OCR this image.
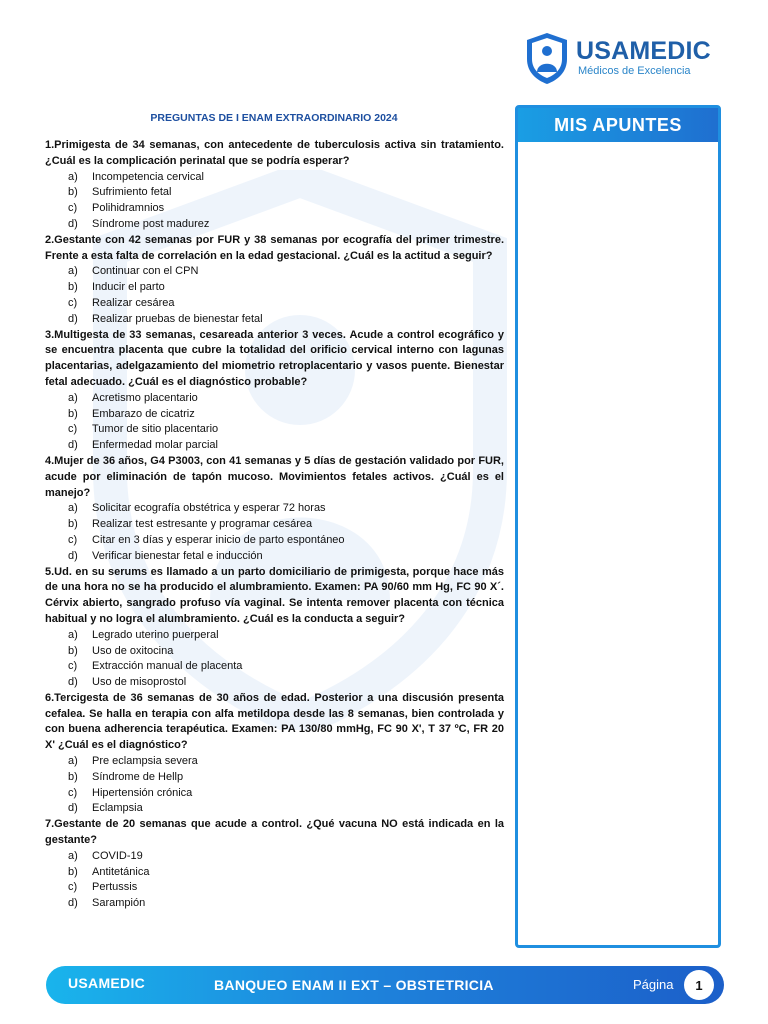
USAMEDIC
Médicos de Excelencia
PREGUNTAS DE I ENAM EXTRAORDINARIO 2024
1.Primigesta de 34 semanas, con antecedente de tuberculosis activa sin tratamiento. ¿Cuál es la complicación perinatal que se podría esperar?
a)	Incompetencia cervical
b)	Sufrimiento fetal
c)	Polihidramnios
d)	Síndrome post madurez
2.Gestante con 42 semanas por FUR y 38 semanas por ecografía del primer trimestre. Frente a esta falta de correlación en la edad gestacional. ¿Cuál es la actitud a seguir?
a)	Continuar con el CPN
b)	Inducir el parto
c)	Realizar cesárea
d)	Realizar pruebas de bienestar fetal
3.Multigesta de 33 semanas, cesareada anterior 3 veces. Acude a control ecográfico y se encuentra placenta que cubre la totalidad del orificio cervical interno con lagunas placentarias, adelgazamiento del miometrio retroplacentario y vasos puente. Bienestar fetal adecuado. ¿Cuál es el diagnóstico probable?
a)	Acretismo placentario
b)	Embarazo de cicatriz
c)	Tumor de sitio placentario
d)	Enfermedad molar parcial
4.Mujer de 36 años, G4 P3003, con 41 semanas y 5 días de gestación validado por FUR, acude por eliminación de tapón mucoso. Movimientos fetales activos. ¿Cuál es el manejo?
a)	Solicitar ecografía obstétrica y esperar 72 horas
b)	Realizar test estresante y programar cesárea
c)	Citar en 3 días y esperar inicio de parto espontáneo
d)	Verificar bienestar fetal e inducción
5.Ud. en su serums es llamado a un parto domiciliario de primigesta, porque hace más de una hora no se ha producido el alumbramiento. Examen: PA 90/60 mm Hg, FC 90 X´. Cérvix abierto, sangrado profuso vía vaginal. Se intenta remover placenta con técnica habitual y no logra el alumbramiento. ¿Cuál es la conducta a seguir?
a)	Legrado uterino puerperal
b)	Uso de oxitocina
c)	Extracción manual de placenta
d)	Uso de misoprostol
6.Tercigesta de 36 semanas de 30 años de edad. Posterior a una discusión presenta cefalea. Se halla en terapia con alfa metildopa desde las 8 semanas, bien controlada y con buena adherencia terapéutica. Examen: PA 130/80 mmHg, FC 90 X', T 37 ºC, FR 20 X' ¿Cuál es el diagnóstico?
a)	Pre eclampsia severa
b)	Síndrome de Hellp
c)	Hipertensión crónica
d)	Eclampsia
7.Gestante de 20 semanas que acude a control. ¿Qué vacuna NO está indicada en la gestante?
a)	COVID-19
b)	Antitetánica
c)	Pertussis
d)	Sarampión
MIS APUNTES
USAMEDIC	BANQUEO ENAM II EXT – OBSTETRICIA	Página	1
